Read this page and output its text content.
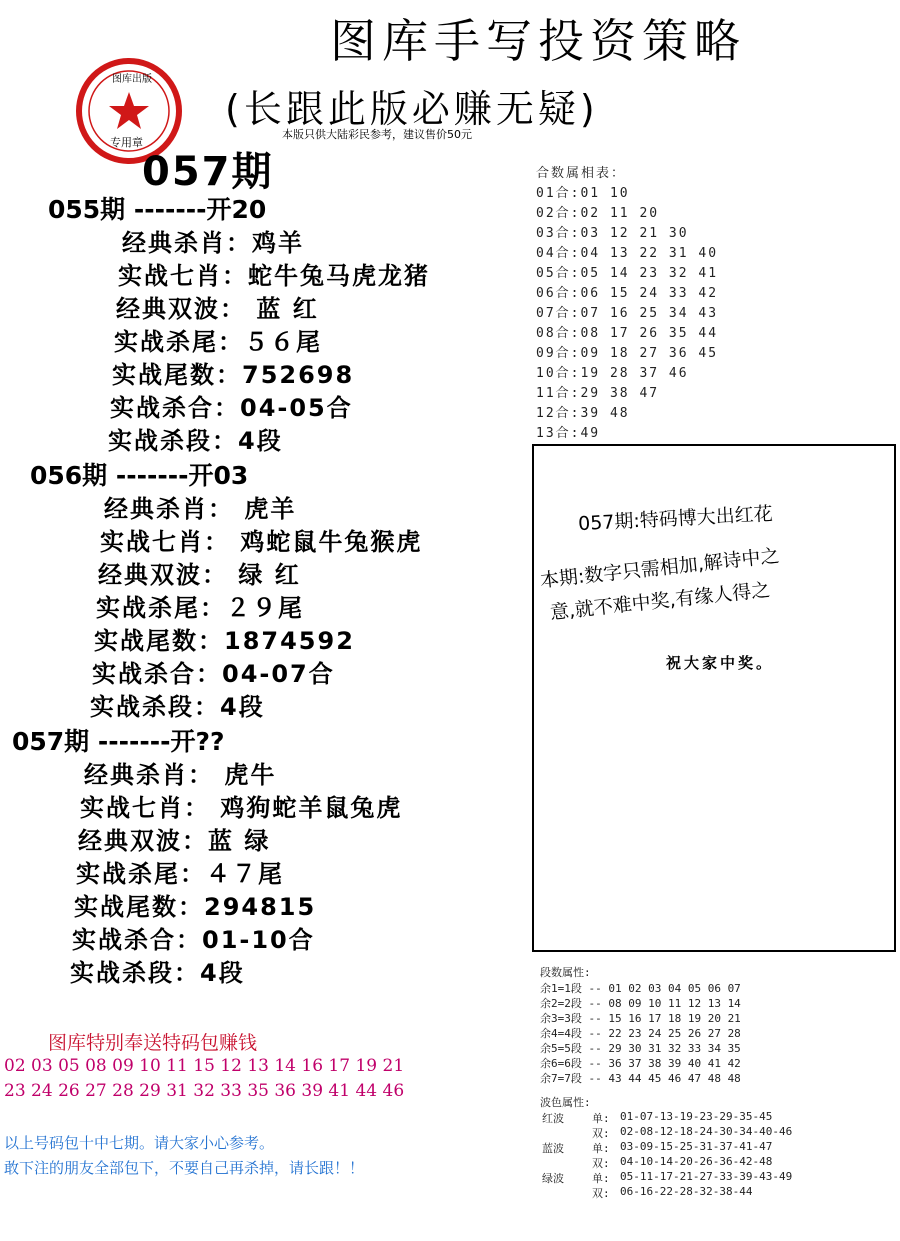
图库手写投资策略
(长跟此版必赚无疑)
本版只供大陆彩民参考，建议售价50元
图库出版
专用章
057期
055期 -------开20
经典杀肖：鸡羊
实战七肖：蛇牛兔马虎龙猪
经典双波： 蓝 红
实战杀尾：５６尾
实战尾数：752698
实战杀合：04-05合
实战杀段：4段
056期 -------开03
经典杀肖： 虎羊
实战七肖： 鸡蛇鼠牛兔猴虎
经典双波： 绿 红
实战杀尾：２９尾
实战尾数：1874592
实战杀合：04-07合
实战杀段：4段
057期 -------开??
经典杀肖： 虎牛
实战七肖： 鸡狗蛇羊鼠兔虎
经典双波：蓝 绿
实战杀尾：４７尾
实战尾数：294815
实战杀合：01-10合
实战杀段：4段
合数属相表：
01合:01 10
02合:02 11 20
03合:03 12 21 30
04合:04 13 22 31 40
05合:05 14 23 32 41
06合:06 15 24 33 42
07合:07 16 25 34 43
08合:08 17 26 35 44
09合:09 18 27 36 45
10合:19 28 37 46
11合:29 38 47
12合:39 48
13合:49
057期:特码博大出红花
本期:数字只需相加,解诗中之
意,就不难中奖,有缘人得之
祝大家中奖。
段数属性:
余1=1段 -- 01 02 03 04 05 06 07
余2=2段 -- 08 09 10 11 12 13 14
余3=3段 -- 15 16 17 18 19 20 21
余4=4段 -- 22 23 24 25 26 27 28
余5=5段 -- 29 30 31 32 33 34 35
余6=6段 -- 36 37 38 39 40 41 42
余7=7段 -- 43 44 45 46 47 48 48
波色属性:
红波	单: 01-07-13-19-23-29-35-45
双: 02-08-12-18-24-30-34-40-46
蓝波	单: 03-09-15-25-31-37-41-47
双: 04-10-14-20-26-36-42-48
绿波	单: 05-11-17-21-27-33-39-43-49
双: 06-16-22-28-32-38-44
图库特别奉送特码包赚钱
02 03 05 08 09 10 11 15 12 13 14 16 17 19 21
23 24 26 27 28 29 31 32 33 35 36 39 41 44 46
以上号码包十中七期。请大家小心参考。
敢下注的朋友全部包下，不要自己再杀掉，请长跟！！
